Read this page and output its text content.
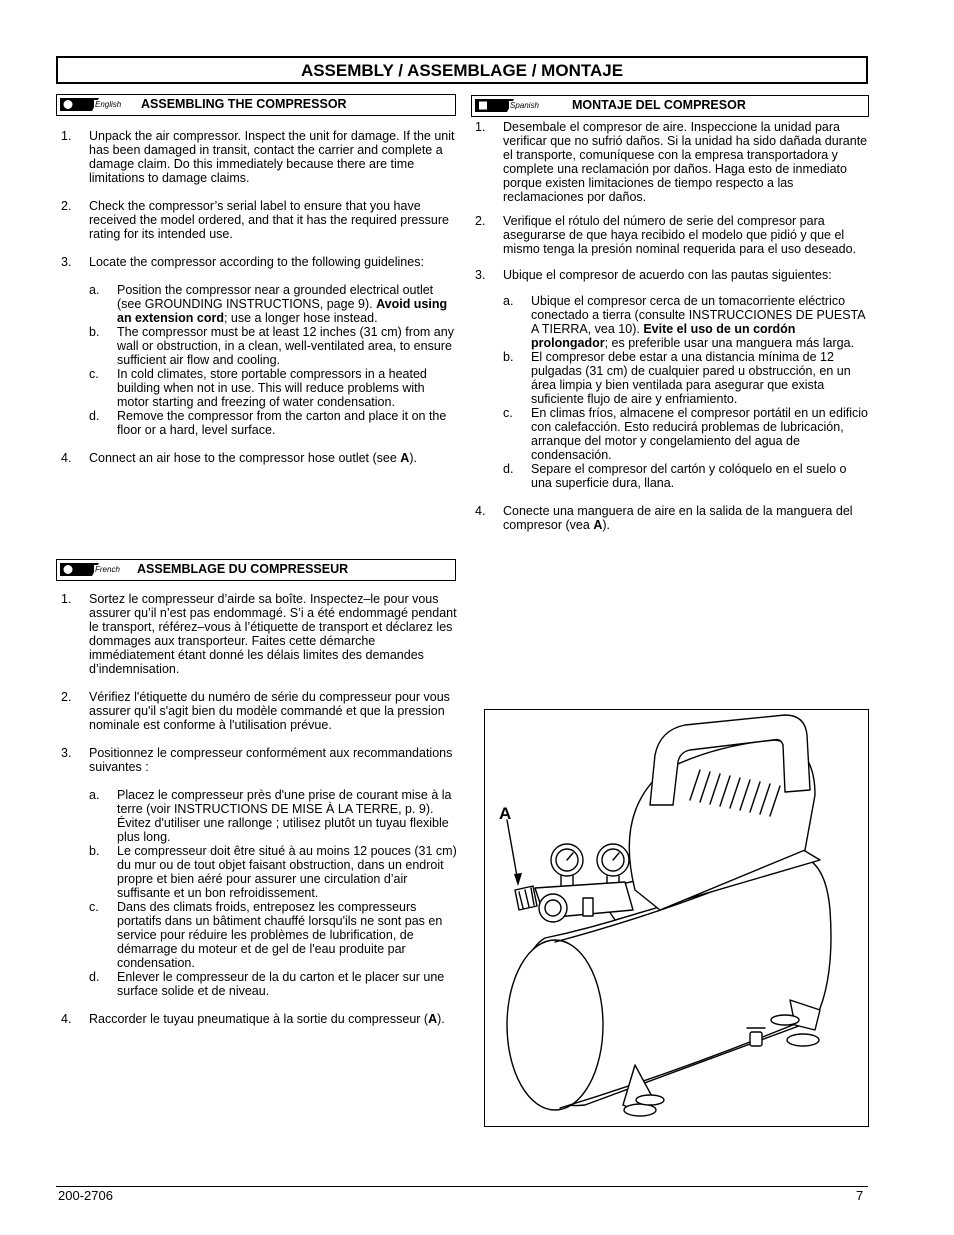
ASSEMBLY / ASSEMBLAGE / MONTAJE
English ASSEMBLING THE COMPRESSOR
1. Unpack the air compressor. Inspect the unit for damage. If the unit has been damaged in transit, contact the carrier and complete a damage claim. Do this immediately because there are time limitations to damage claims.

2. Check the compressor’s serial label to ensure that you have received the model ordered, and that it has the required pressure rating for its intended use.

3. Locate the compressor according to the following guidelines:

a. Position the compressor near a grounded electrical outlet (see GROUNDING INSTRUCTIONS, page 9). Avoid using an extension cord; use a longer hose instead.

b. The compressor must be at least 12 inches (31 cm) from any wall or obstruction, in a clean, well-ventilated area, to ensure sufficient air flow and cooling.

c. In cold climates, store portable compressors in a heated building when not in use. This will reduce problems with motor starting and freezing of water condensation.

d. Remove the compressor from the carton and place it on the floor or a hard, level surface.

4. Connect an air hose to the compressor hose outlet (see A).

French ASSEMBLAGE DU COMPRESSEUR
1. Sortez le compresseur d’airde sa boîte. Inspectez–le pour vous assurer qu’il n’est pas endommagé. S’i a été endommagé pendant le transport, référez–vous à l’étiquette de transport et déclarez les dommages aux transporteur. Faites cette démarche immédiatement étant donné les délais limites des demandes d’indemnisation.

2. Vérifiez l'étiquette du numéro de série du compresseur pour vous assurer qu'il s'agit bien du modèle commandé et que la pression nominale est conforme à l'utilisation prévue.

3. Positionnez le compresseur conformément aux recommandations suivantes :

a. Placez le compresseur près d'une prise de courant mise à la terre (voir INSTRUCTIONS DE MISE À LA TERRE, p. 9). Évitez d'utiliser une rallonge ; utilisez plutôt un tuyau flexible plus long.

b. Le compresseur doit être situé à au moins 12 pouces (31 cm) du mur ou de tout objet faisant obstruction, dans un endroit propre et bien aéré pour assurer une circulation d’air suffisante et un bon refroidissement.

c. Dans des climats froids, entreposez les compresseurs portatifs dans un bâtiment chauffé lorsqu'ils ne sont pas en service pour réduire les problèmes de lubrification, de démarrage du moteur et de gel de l'eau produite par condensation.

d. Enlever le compresseur de la du carton et le placer sur une surface solide et de niveau.

4. Raccorder le tuyau pneumatique à la sortie du compresseur (A).

Spanish	MONTAJE DEL COMPRESOR
1. Desembale el compresor de aire. Inspeccione la unidad para verificar que no sufrió daños. Si la unidad ha sido dañada durante el transporte, comuníquese con la empresa transportadora y complete una reclamación por daños. Haga esto de inmediato porque existen limitaciones de tiempo respecto a las reclamaciones por daños.

2. Verifique el rótulo del número de serie del compresor para asegurarse de que haya recibido el modelo que pidió y que el mismo tenga la presión nominal requerida para el uso deseado.

3. Ubique el compresor de acuerdo con las pautas siguientes:

a. Ubique el compresor cerca de un tomacorriente eléctrico conectado a tierra (consulte INSTRUCCIONES DE PUESTA A TIERRA, vea 10). Evite el uso de un cordón prolongador; es preferible usar una manguera más larga.

b. El compresor debe estar a una distancia mínima de 12 pulgadas (31 cm) de cualquier pared u obstrucción, en un área limpia y bien ventilada para asegurar que exista suficiente flujo de aire y enfriamiento.

c. En climas fríos, almacene el compresor portátil en un edificio con calefacción. Esto reducirá problemas de lubricación, arranque del motor y congelamiento del agua de condensación.

d. Separe el compresor del cartón y colóquelo en el suelo o una superficie dura, llana.

4. Conecte una manguera de aire en la salida de la manguera del compresor (vea A).

A
200-2706	7
